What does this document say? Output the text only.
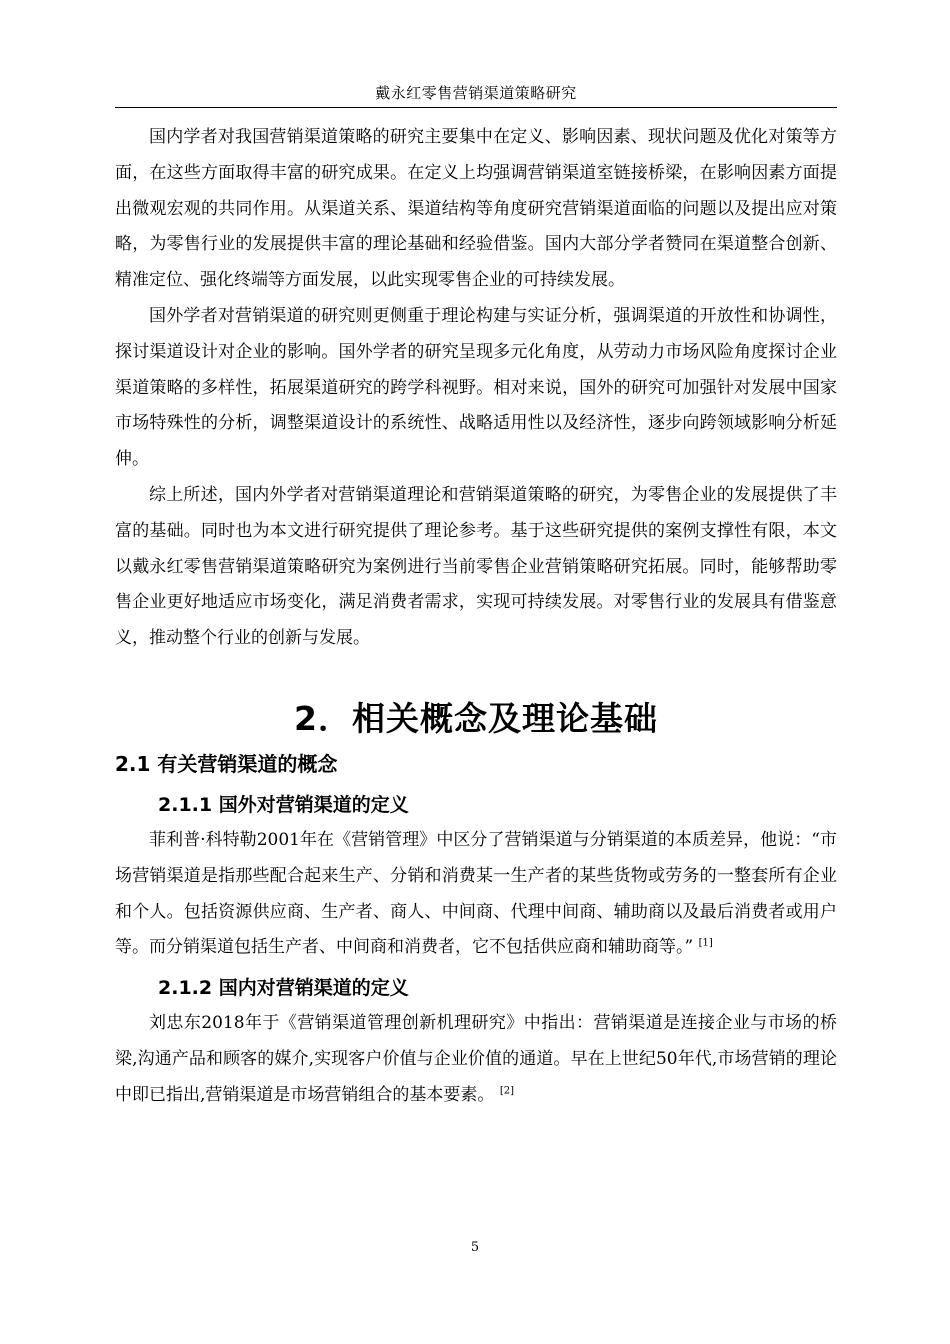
戴永红零售营销渠道策略研究

国内学者对我国营销渠道策略的研究主要集中在定义、影响因素、现状问题及优化对策等方面，在这些方面取得丰富的研究成果。在定义上均强调营销渠道室链接桥梁，在影响因素方面提出微观宏观的共同作用。从渠道关系、渠道结构等角度研究营销渠道面临的问题以及提出应对策略，为零售行业的发展提供丰富的理论基础和经验借鉴。国内大部分学者赞同在渠道整合创新、精准定位、强化终端等方面发展，以此实现零售企业的可持续发展。

国外学者对营销渠道的研究则更侧重于理论构建与实证分析，强调渠道的开放性和协调性，探讨渠道设计对企业的影响。国外学者的研究呈现多元化角度，从劳动力市场风险角度探讨企业渠道策略的多样性，拓展渠道研究的跨学科视野。相对来说，国外的研究可加强针对发展中国家市场特殊性的分析，调整渠道设计的系统性、战略适用性以及经济性，逐步向跨领域影响分析延伸。

综上所述，国内外学者对营销渠道理论和营销渠道策略的研究，为零售企业的发展提供了丰富的基础。同时也为本文进行研究提供了理论参考。基于这些研究提供的案例支撑性有限，本文以戴永红零售营销渠道策略研究为案例进行当前零售企业营销策略研究拓展。同时，能够帮助零售企业更好地适应市场变化，满足消费者需求，实现可持续发展。对零售行业的发展具有借鉴意义，推动整个行业的创新与发展。

2．相关概念及理论基础
2.1 有关营销渠道的概念
2.1.1 国外对营销渠道的定义

菲利普·科特勒2001年在《营销管理》中区分了营销渠道与分销渠道的本质差异，他说：“市场营销渠道是指那些配合起来生产、分销和消费某一生产者的某些货物或劳务的一整套所有企业和个人。包括资源供应商、生产者、商人、中间商、代理中间商、辅助商以及最后消费者或用户等。而分销渠道包括生产者、中间商和消费者，它不包括供应商和辅助商等。” [1]

2.1.2 国内对营销渠道的定义

刘忠东2018年于《营销渠道管理创新机理研究》中指出：营销渠道是连接企业与市场的桥梁,沟通产品和顾客的媒介,实现客户价值与企业价值的通道。早在上世纪50年代,市场营销的理论中即已指出,营销渠道是市场营销组合的基本要素。 [2]

5
